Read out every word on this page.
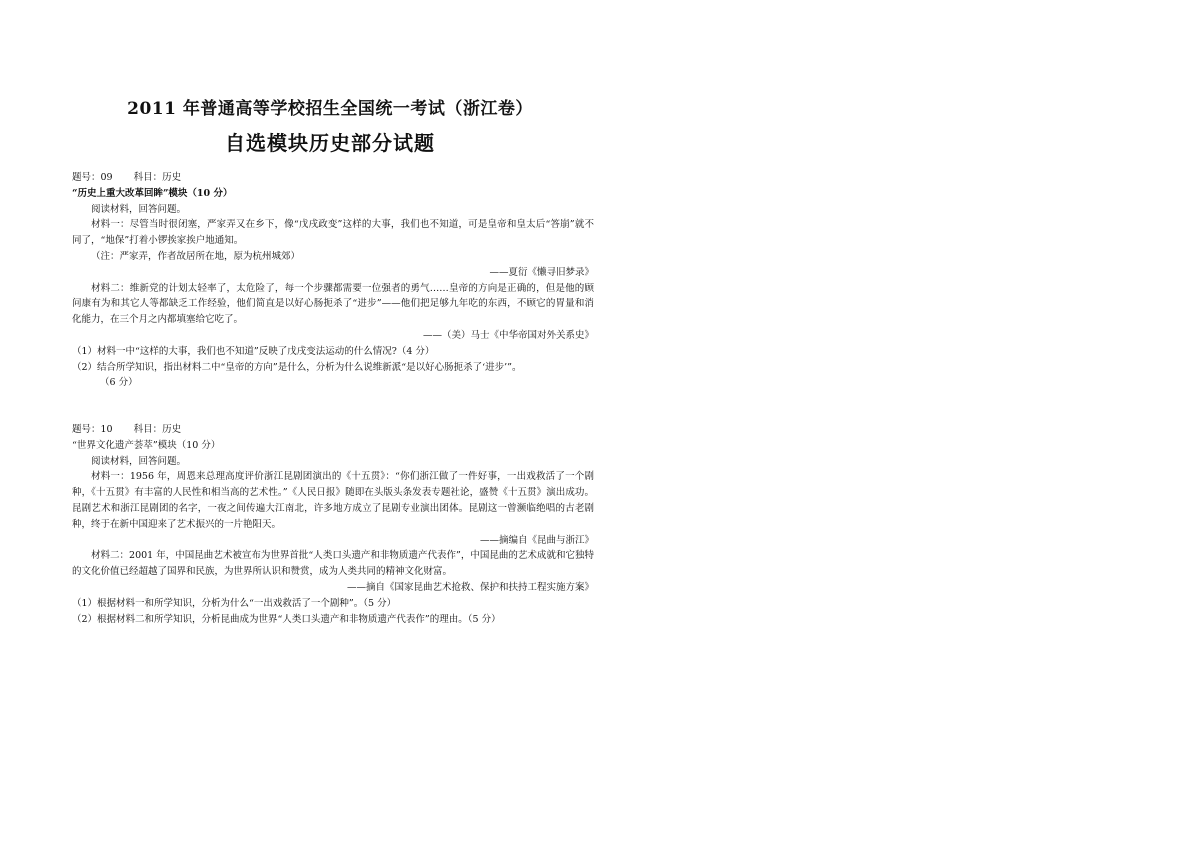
2011 年普通高等学校招生全国统一考试（浙江卷）
自选模块历史部分试题

题号：09 科目：历史

“历史上重大改革回眸”模块（10 分）

阅读材料，回答问题。

材料一：尽管当时很闭塞，严家弄又在乡下，像“戊戌政变”这样的大事，我们也不知道，可是皇帝和皇太后“答崩”就不同了，“地保”打着小锣挨家挨户地通知。

（注：严家弄，作者故居所在地，原为杭州城郊）

——夏衍《懒寻旧梦录》

材料二：维新党的计划太轻率了，太危险了，每一个步骤都需要一位强者的勇气……皇帝的方向是正确的，但是他的顾问康有为和其它人等都缺乏工作经验，他们简直是以好心肠扼杀了“进步”——他们把足够九年吃的东西，不顾它的胃量和消化能力，在三个月之内都填塞给它吃了。

——（美）马士《中华帝国对外关系史》

（1）材料一中“这样的大事，我们也不知道”反映了戊戌变法运动的什么情况?（4 分）

（2）结合所学知识，指出材料二中“皇帝的方向”是什么，分析为什么说维新派“是以好心肠扼杀了‘进步’”。

（6 分）

题号：10 科目：历史

“世界文化遗产荟萃”模块（10 分）

阅读材料，回答问题。

材料一：1956 年，周恩来总理高度评价浙江昆剧团演出的《十五贯》：“你们浙江做了一件好事，一出戏救活了一个剧种，《十五贯》有丰富的人民性和相当高的艺术性。”《人民日报》随即在头版头条发表专题社论，盛赞《十五贯》演出成功。昆剧艺术和浙江昆剧团的名字，一夜之间传遍大江南北，许多地方成立了昆剧专业演出团体。昆剧这一曾濒临绝唱的古老剧种，终于在新中国迎来了艺术振兴的一片艳阳天。

——摘编自《昆曲与浙江》

材料二：2001 年，中国昆曲艺术被宣布为世界首批“人类口头遗产和非物质遗产代表作”，中国昆曲的艺术成就和它独特的文化价值已经超越了国界和民族，为世界所认识和赞赏，成为人类共同的精神文化财富。

——摘自《国家昆曲艺术抢救、保护和扶持工程实施方案》

（1）根据材料一和所学知识，分析为什么“一出戏救活了一个剧种”。（5 分）

（2）根据材料二和所学知识，分析昆曲成为世界“人类口头遗产和非物质遗产代表作”的理由。（5 分）
